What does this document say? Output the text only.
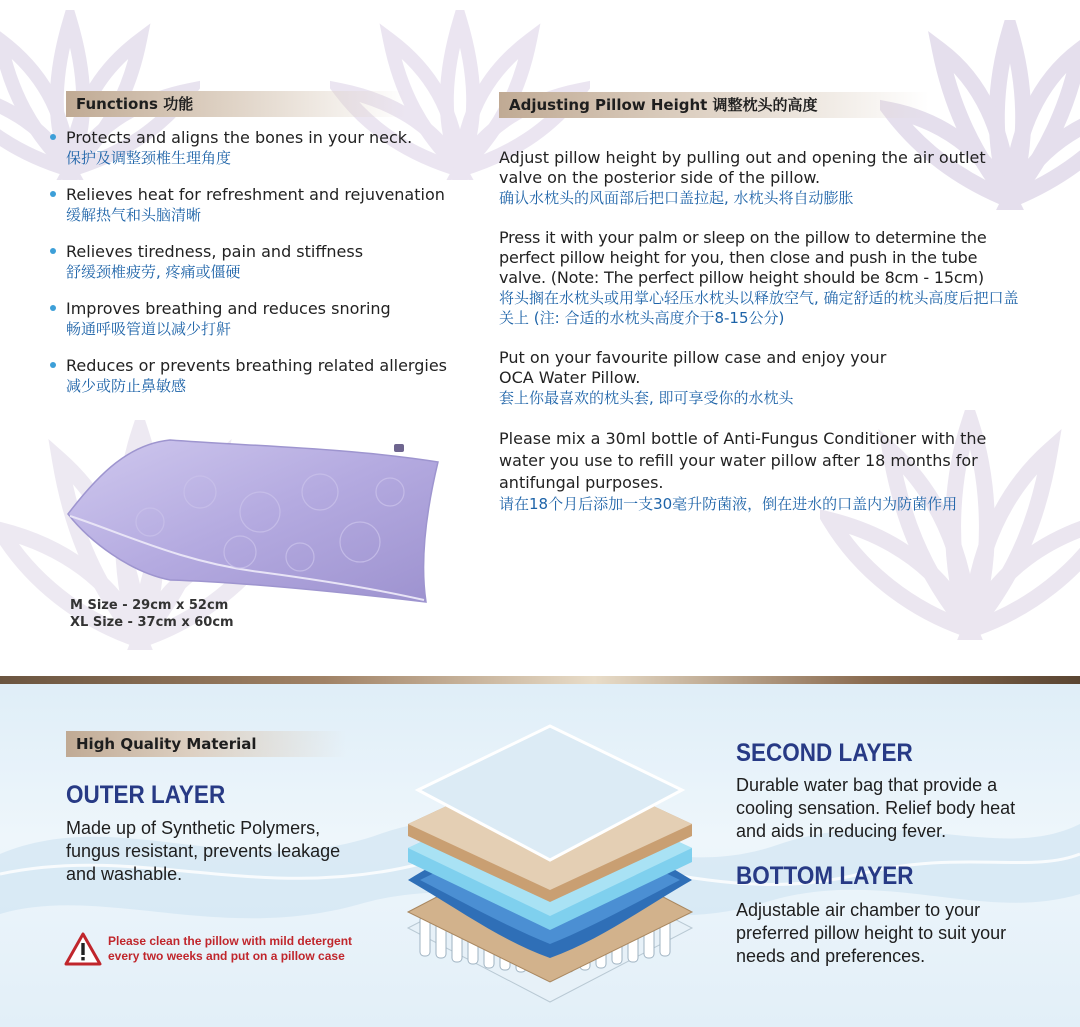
Functions 功能
Protects and aligns the bones in your neck.
保护及调整颈椎生理角度
Relieves heat for refreshment and rejuvenation
缓解热气和头脑清晰
Relieves tiredness, pain and stiffness
舒缓颈椎疲劳, 疼痛或僵硬
Improves breathing and reduces snoring
畅通呼吸管道以减少打鼾
Reduces or prevents breathing related allergies
减少或防止鼻敏感
M Size - 29cm x 52cm
XL Size - 37cm x 60cm
Adjusting Pillow Height 调整枕头的高度
Adjust pillow height by pulling out and opening the air outlet valve on the posterior side of the pillow.
确认水枕头的风面部后把口盖拉起, 水枕头将自动膨胀
Press it with your palm or sleep on the pillow to determine the perfect pillow height for you, then close and push in the tube valve. (Note: The perfect pillow height should be 8cm - 15cm)
将头搁在水枕头或用掌心轻压水枕头以释放空气, 确定舒适的枕头高度后把口盖关上 (注: 合适的水枕头高度介于8-15公分)
Put on your favourite pillow case and enjoy your OCA Water Pillow.
套上你最喜欢的枕头套, 即可享受你的水枕头
Please mix a 30ml bottle of Anti-Fungus Conditioner with the water you use to refill your water pillow after 18 months for antifungal purposes.
请在18个月后添加一支30毫升防菌液，倒在进水的口盖内为防菌作用
High Quality Material
OUTER LAYER
Made up of Synthetic Polymers, fungus resistant, prevents leakage and washable.
SECOND LAYER
Durable water bag that provide a cooling sensation. Relief body heat and aids in reducing fever.
BOTTOM LAYER
Adjustable air chamber to your preferred pillow height to suit your needs and preferences.
Please clean the pillow with mild detergent
every two weeks and put on a pillow case
